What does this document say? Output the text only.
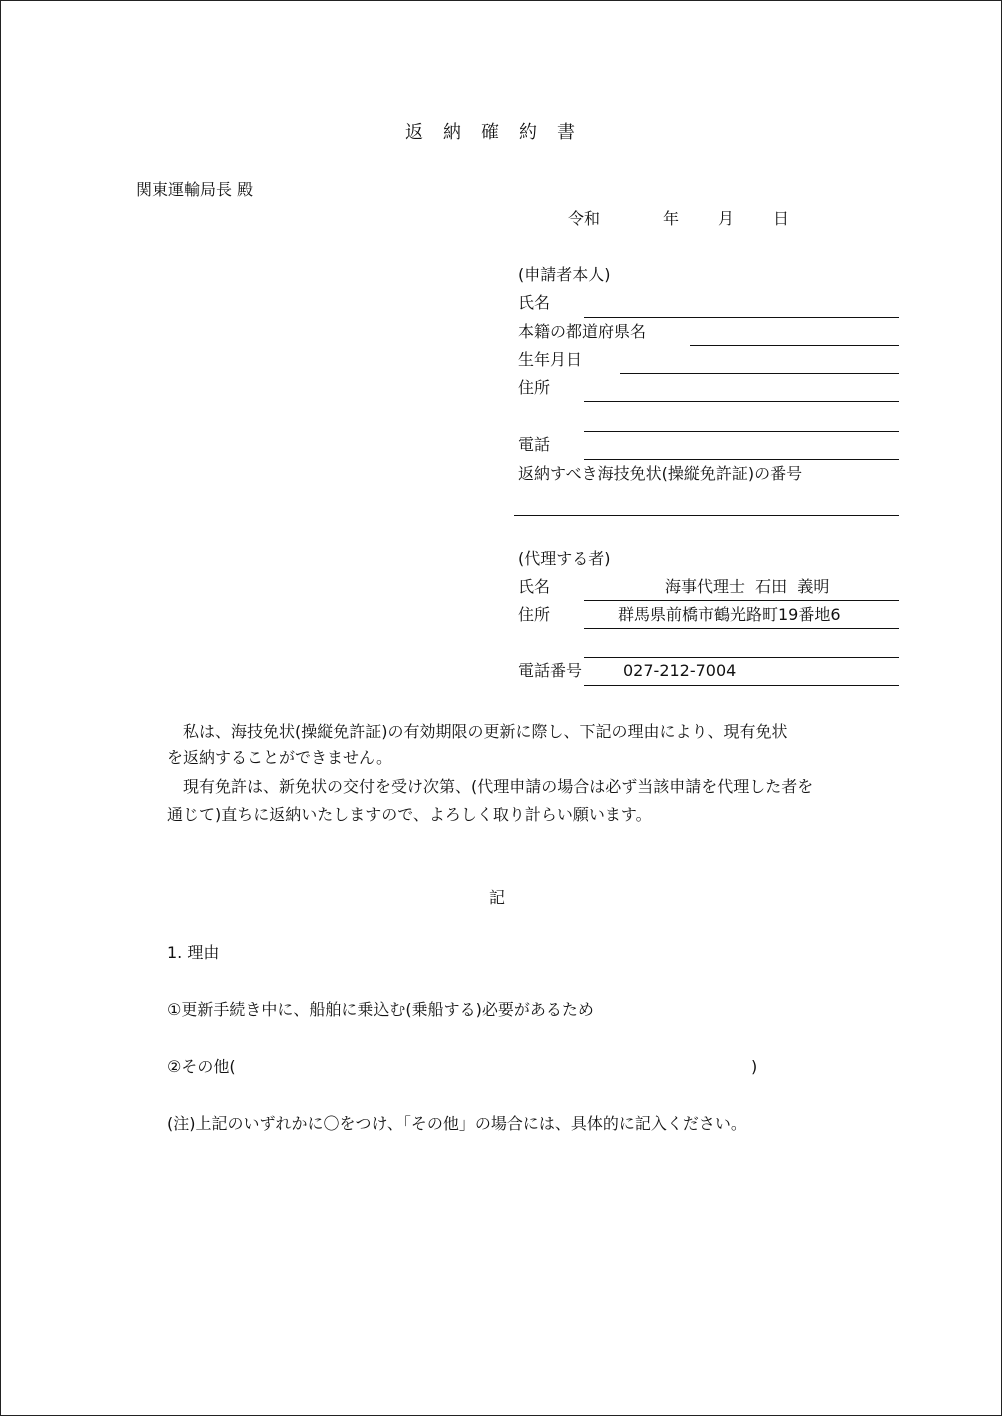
返納確約書
関東運輸局長 殿
令和	年 月 日
(申請者本人)
氏名
本籍の都道府県名
生年月日
住所
電話
返納すべき海技免状(操縦免許証)の番号
(代理する者)
氏名	海事代理士  石田  義明
住所	群馬県前橋市鶴光路町19番地6
電話番号	027-212-7004
私は、海技免状(操縦免許証)の有効期限の更新に際し、下記の理由により、現有免状
を返納することができません。
現有免許は、新免状の交付を受け次第、(代理申請の場合は必ず当該申請を代理した者を
通じて)直ちに返納いたしますので、よろしく取り計らい願います。
記
1. 理由
①更新手続き中に、船舶に乗込む(乗船する)必要があるため
②その他(	)
(注)上記のいずれかに〇をつけ、「その他」の場合には、具体的に記入ください。
